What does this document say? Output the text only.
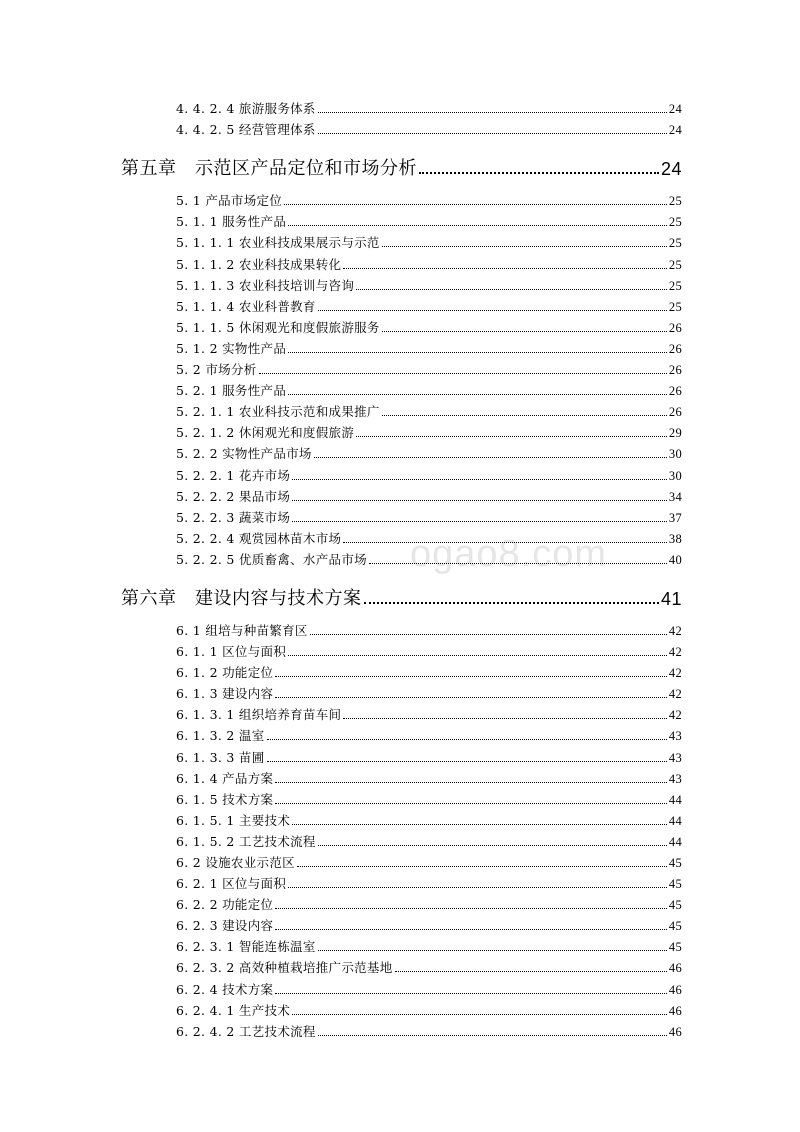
ogao8.com
4. 4. 2. 4 旅游服务体系	24
4. 4. 2. 5 经营管理体系	24
第五章　示范区产品定位和市场分析	24
5. 1 产品市场定位	25
5. 1. 1 服务性产品	25
5. 1. 1. 1 农业科技成果展示与示范	25
5. 1. 1. 2 农业科技成果转化	25
5. 1. 1. 3 农业科技培训与咨询	25
5. 1. 1. 4 农业科普教育	25
5. 1. 1. 5 休闲观光和度假旅游服务	26
5. 1. 2 实物性产品	26
5. 2 市场分析	26
5. 2. 1 服务性产品	26
5. 2. 1. 1 农业科技示范和成果推广	26
5. 2. 1. 2 休闲观光和度假旅游	29
5. 2. 2 实物性产品市场	30
5. 2. 2. 1 花卉市场	30
5. 2. 2. 2 果品市场	34
5. 2. 2. 3 蔬菜市场	37
5. 2. 2. 4 观赏园林苗木市场	38
5. 2. 2. 5 优质畜禽、水产品市场	40
第六章　建设内容与技术方案	41
6. 1 组培与种苗繁育区	42
6. 1. 1 区位与面积	42
6. 1. 2 功能定位	42
6. 1. 3 建设内容	42
6. 1. 3. 1 组织培养育苗车间	42
6. 1. 3. 2 温室	43
6. 1. 3. 3 苗圃	43
6. 1. 4 产品方案	43
6. 1. 5 技术方案	44
6. 1. 5. 1 主要技术	44
6. 1. 5. 2 工艺技术流程	44
6. 2 设施农业示范区	45
6. 2. 1 区位与面积	45
6. 2. 2 功能定位	45
6. 2. 3 建设内容	45
6. 2. 3. 1 智能连栋温室	45
6. 2. 3. 2 高效种植栽培推广示范基地	46
6. 2. 4 技术方案	46
6. 2. 4. 1 生产技术	46
6. 2. 4. 2 工艺技术流程	46
